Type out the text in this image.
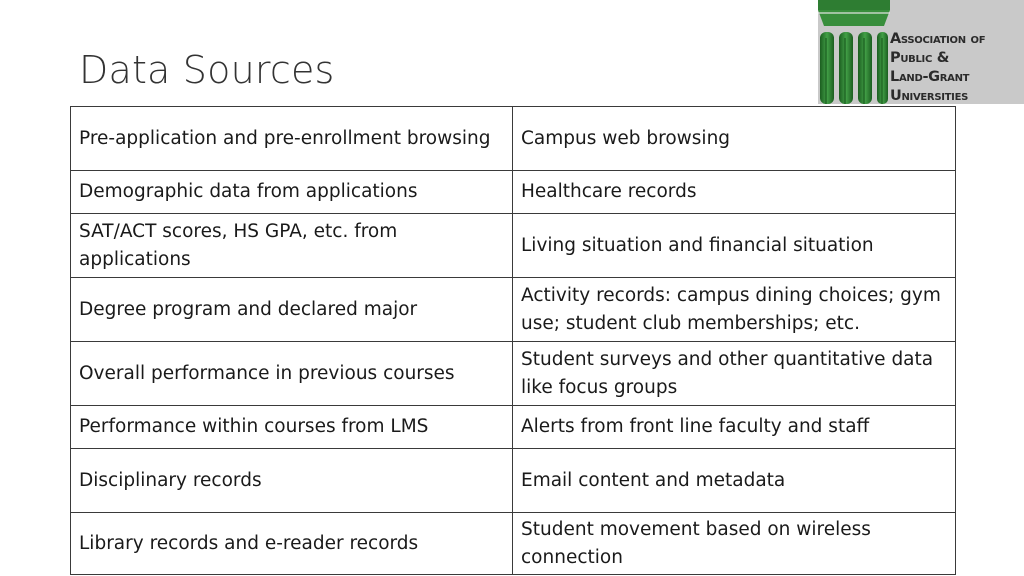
Data Sources
Association of
Public &
Land-Grant
Universities
Pre-application and pre-enrollment browsing	Campus web browsing
Demographic data from applications	Healthcare records
SAT/ACT scores, HS GPA, etc. from applications	Living situation and financial situation
Degree program and declared major	Activity records: campus dining choices; gym use; student club memberships; etc.
Overall performance in previous courses	Student surveys and other quantitative data like focus groups
Performance within courses from LMS	Alerts from front line faculty and staff
Disciplinary records	Email content and metadata
Library records and e-reader records	Student movement based on wireless connection
